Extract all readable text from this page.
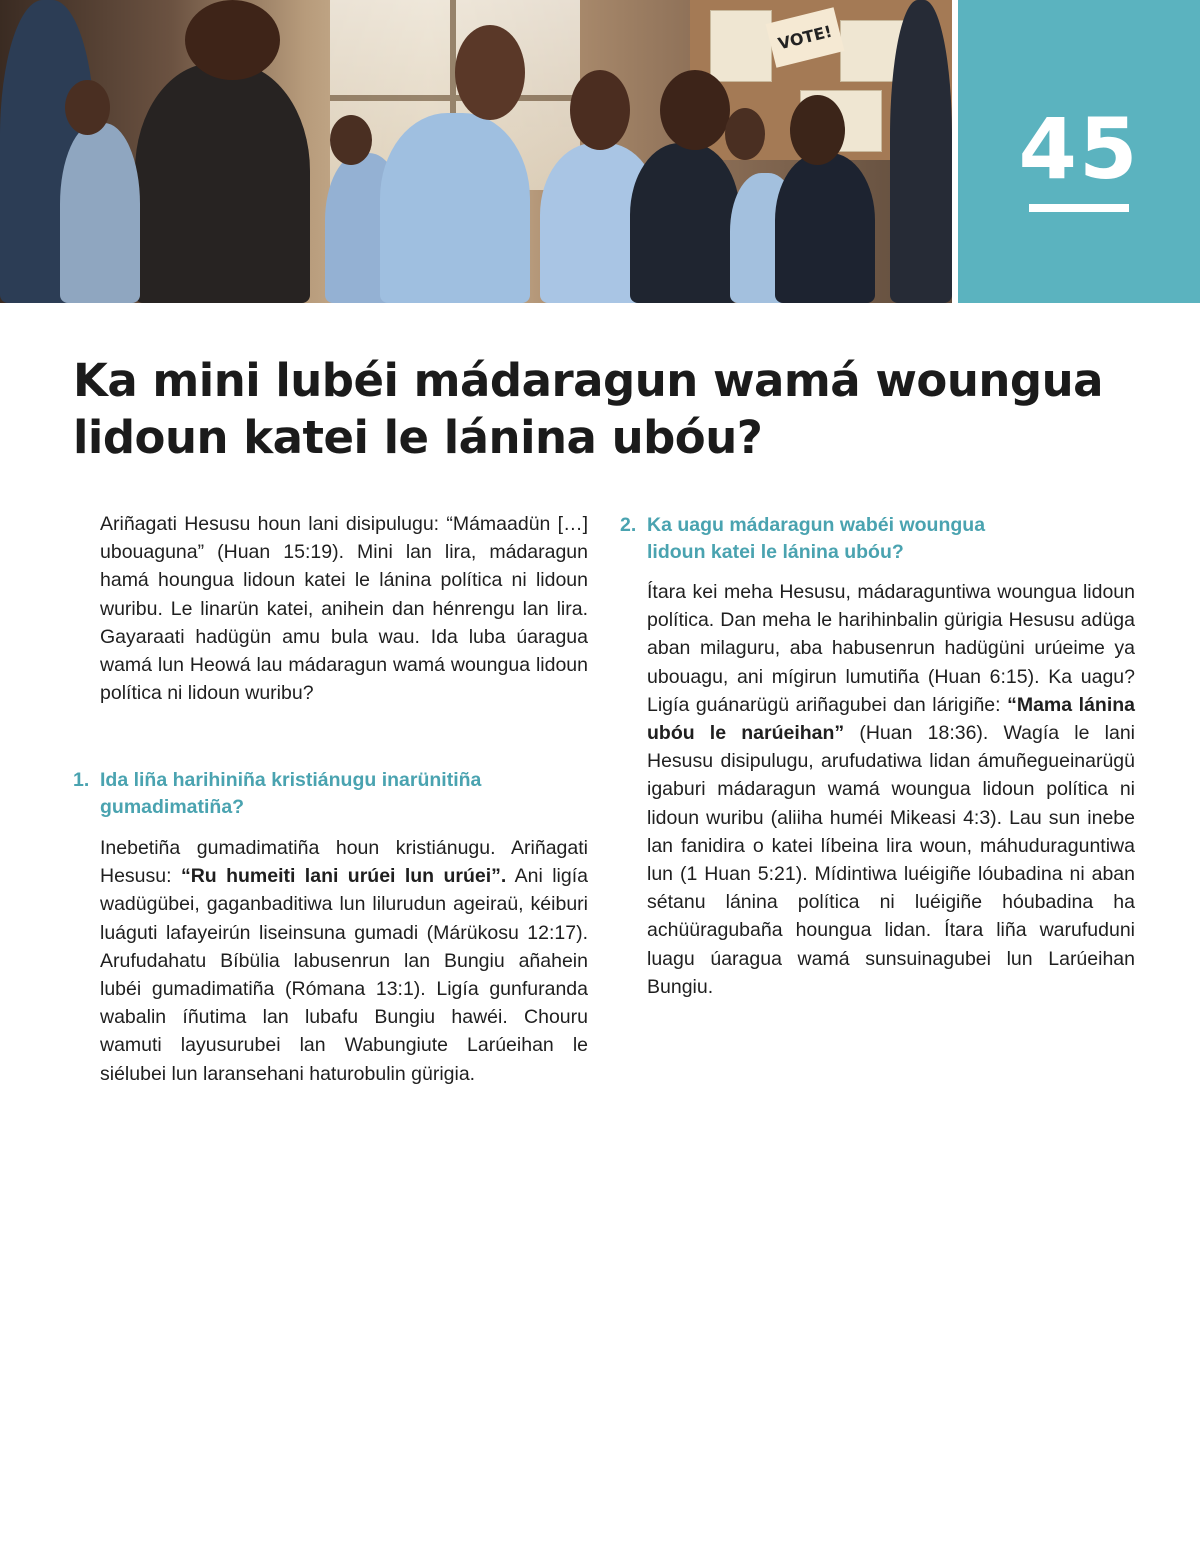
VOTE!
45
Ka mini lubéi mádaragun wamá woungua lidoun katei le lánina ubóu?

Ariñagati Hesusu houn lani disipulugu: “Mámaadün […] ubouaguna” (Huan 15:19). Mini lan lira, mádaragun hamá houngua lidoun katei le lánina política ni lidoun wuribu. Le linarün katei, anihein dan hénrengu lan lira. Gayaraati hadügün amu bula wau. Ida luba úaragua wamá lun Heowá lau mádaragun wamá woungua lidoun política ni lidoun wuribu?

1. Ida liña harihiniña kristiánugu inarünitiña gumadimatiña?

Inebetiña gumadimatiña houn kristiánugu. Ariñagati Hesusu: “Ru humeiti lani urúei lun urúei”. Ani ligía wadügübei, gaganbaditiwa lun lilurudun ageiraü, kéiburi luáguti lafayeirún liseinsuna gumadi (Márükosu 12:17). Arufudahatu Bíbülia labusenrun lan Bungiu añahein lubéi gumadimatiña (Rómana 13:1). Ligía gunfuranda wabalin íñutima lan lubafu Bungiu hawéi. Chouru wamuti layusurubei lan Wabungiute Larúeihan le siélubei lun laransehani haturobulin gürigia.

2. Ka uagu mádaragun wabéi woungua lidoun katei le lánina ubóu?

Ítara kei meha Hesusu, mádaraguntiwa woungua lidoun política. Dan meha le harihinbalin gürigia Hesusu adüga aban milaguru, aba habusenrun hadügüni urúeime ya ubouagu, ani mígirun lumutiña (Huan 6:15). Ka uagu? Ligía guánarügü ariñagubei dan lárigiñe: “Mama lánina ubóu le narúeihan” (Huan 18:36). Wagía le lani Hesusu disipulugu, arufudatiwa lidan ámuñegueinarügü igaburi mádaragun wamá woungua lidoun política ni lidoun wuribu (aliiha huméi Mikeasi 4:3). Lau sun inebe lan fanidira o katei líbeina lira woun, máhuduraguntiwa lun (1 Huan 5:21). Mídintiwa luéigiñe lóubadina ni aban sétanu lánina política ni luéigiñe hóubadina ha achüüragubaña houngua lidan. Ítara liña warufuduni luagu úaragua wamá sunsuinagubei lun Larúeihan Bungiu.
